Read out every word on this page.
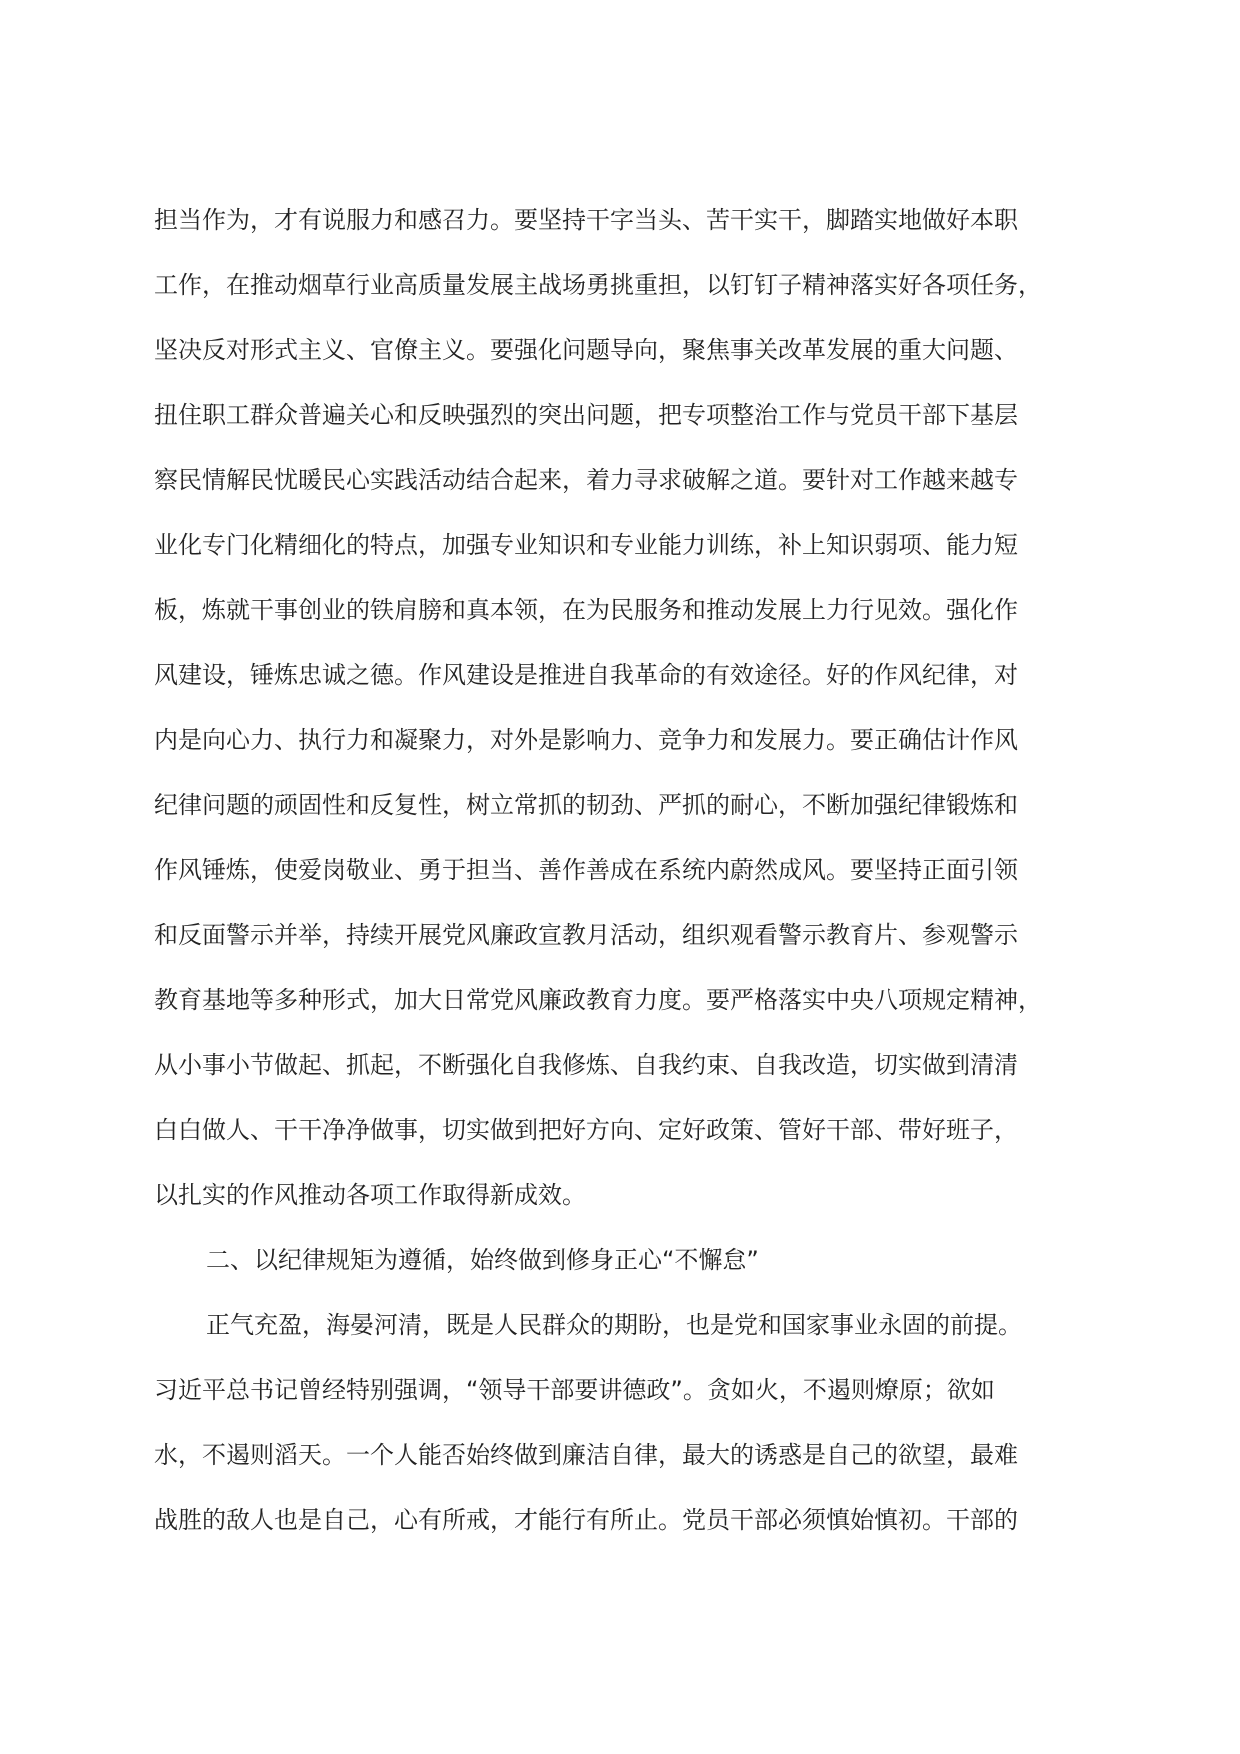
担当作为，才有说服力和感召力。要坚持干字当头、苦干实干，脚踏实地做好本职
工作，在推动烟草行业高质量发展主战场勇挑重担，以钉钉子精神落实好各项任务，
坚决反对形式主义、官僚主义。要强化问题导向，聚焦事关改革发展的重大问题、
扭住职工群众普遍关心和反映强烈的突出问题，把专项整治工作与党员干部下基层
察民情解民忧暖民心实践活动结合起来，着力寻求破解之道。要针对工作越来越专
业化专门化精细化的特点，加强专业知识和专业能力训练，补上知识弱项、能力短
板，炼就干事创业的铁肩膀和真本领，在为民服务和推动发展上力行见效。强化作
风建设，锤炼忠诚之德。作风建设是推进自我革命的有效途径。好的作风纪律，对
内是向心力、执行力和凝聚力，对外是影响力、竞争力和发展力。要正确估计作风
纪律问题的顽固性和反复性，树立常抓的韧劲、严抓的耐心，不断加强纪律锻炼和
作风锤炼，使爱岗敬业、勇于担当、善作善成在系统内蔚然成风。要坚持正面引领
和反面警示并举，持续开展党风廉政宣教月活动，组织观看警示教育片、参观警示
教育基地等多种形式，加大日常党风廉政教育力度。要严格落实中央八项规定精神，
从小事小节做起、抓起，不断强化自我修炼、自我约束、自我改造，切实做到清清
白白做人、干干净净做事，切实做到把好方向、定好政策、管好干部、带好班子，
以扎实的作风推动各项工作取得新成效。
二、以纪律规矩为遵循，始终做到修身正心“不懈怠”
正气充盈，海晏河清，既是人民群众的期盼，也是党和国家事业永固的前提。
习近平总书记曾经特别强调，“领导干部要讲德政”。贪如火，不遏则燎原；欲如
水，不遏则滔天。一个人能否始终做到廉洁自律，最大的诱惑是自己的欲望，最难
战胜的敌人也是自己，心有所戒，才能行有所止。党员干部必须慎始慎初。干部的
